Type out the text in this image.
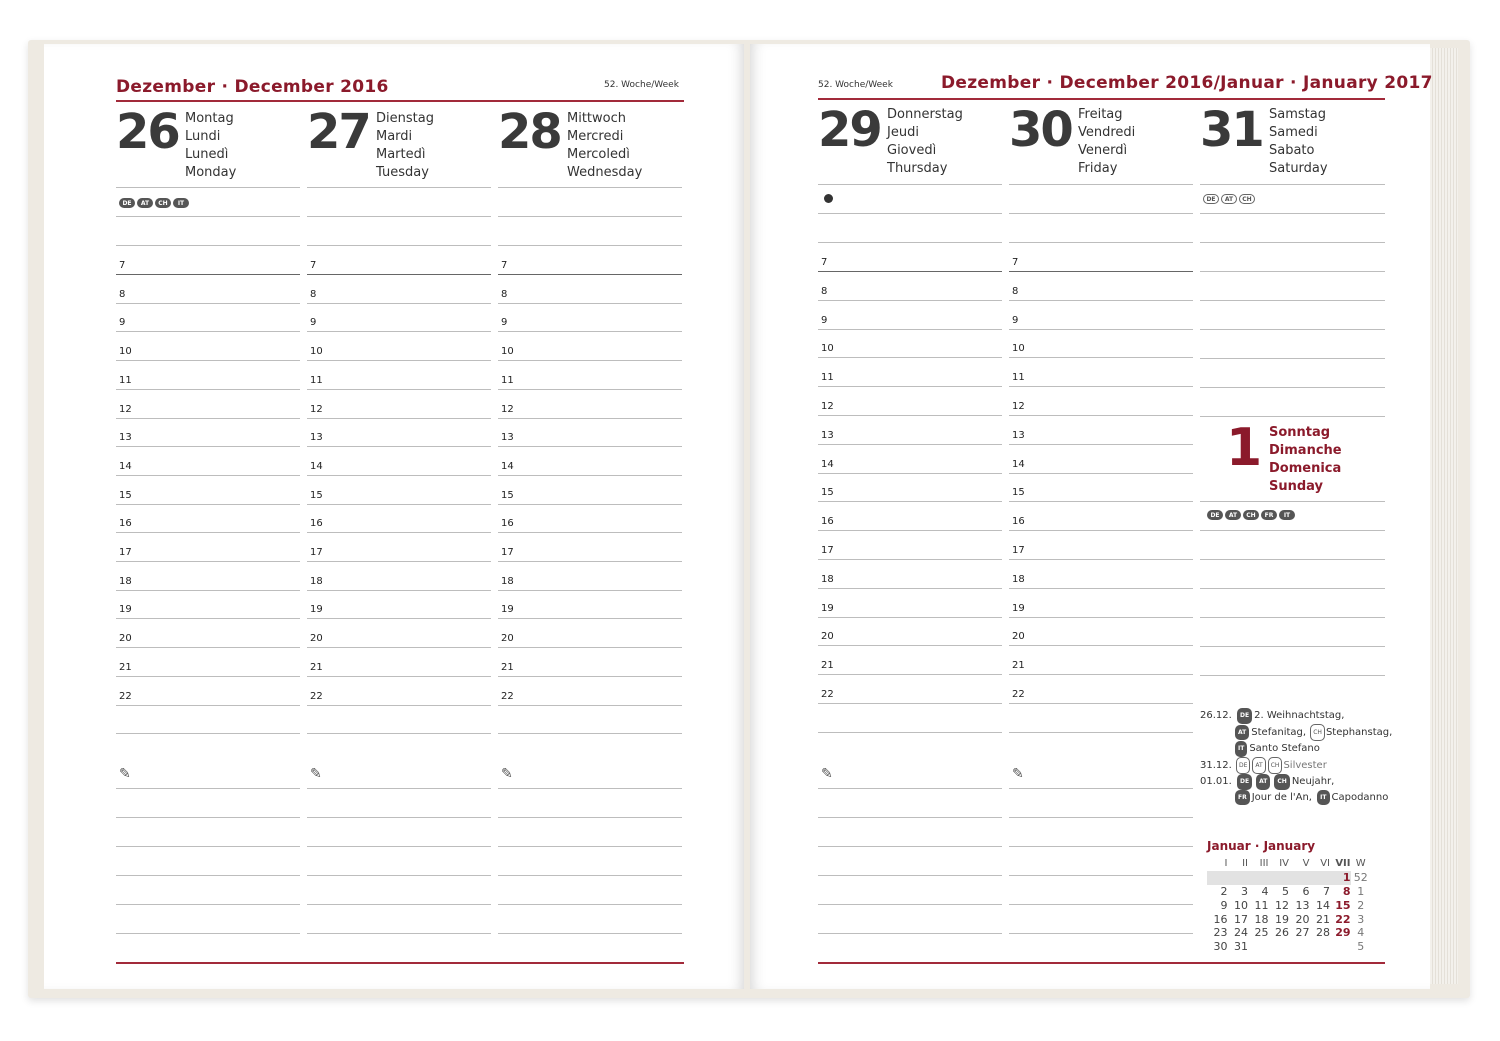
Dezember · December 2016	52. Woche/Week
26 Montag
Lundi
Lunedì
Monday
7
8
9
10
11
12
13
14
15
16
17
18
19
20
21
22
✎
DE	AT	CH	IT
27 Dienstag
Mardi
Martedì
Tuesday
7
8
9
10
11
12
13
14
15
16
17
18
19
20
21
22
✎
28 Mittwoch
Mercredi
Mercoledì
Wednesday
7
8
9
10
11
12
13
14
15
16
17
18
19
20
21
22
✎
52. Woche/Week	Dezember · December 2016/Januar · January 2017
29 Donnerstag
Jeudi
Giovedì
Thursday
7
8
9
10
11
12
13
14
15
16
17
18
19
20
21
22
✎
30 Freitag
Vendredi
Venerdì
Friday
7
8
9
10
11
12
13
14
15
16
17
18
19
20
21
22
✎
31 Samstag
Samedi
Sabato
Saturday
DE	AT	CH
1 Sonntag
Dimanche
Domenica
Sunday
DE	AT	CH	FR	IT
26.12. DE 2. Weihnachtstag,
AT Stefanitag, CH Stephanstag,
IT Santo Stefano
31.12. DE AT CH Silvester
01.01. DE AT CH Neujahr,
FR Jour de l'An, IT Capodanno
Januar · January
I	II	III	IV	V	VI	VII	W
						1	52
2	3	4	5	6	7	8	1
9	10	11	12	13	14	15	2
16	17	18	19	20	21	22	3
23	24	25	26	27	28	29	4
30	31						5
